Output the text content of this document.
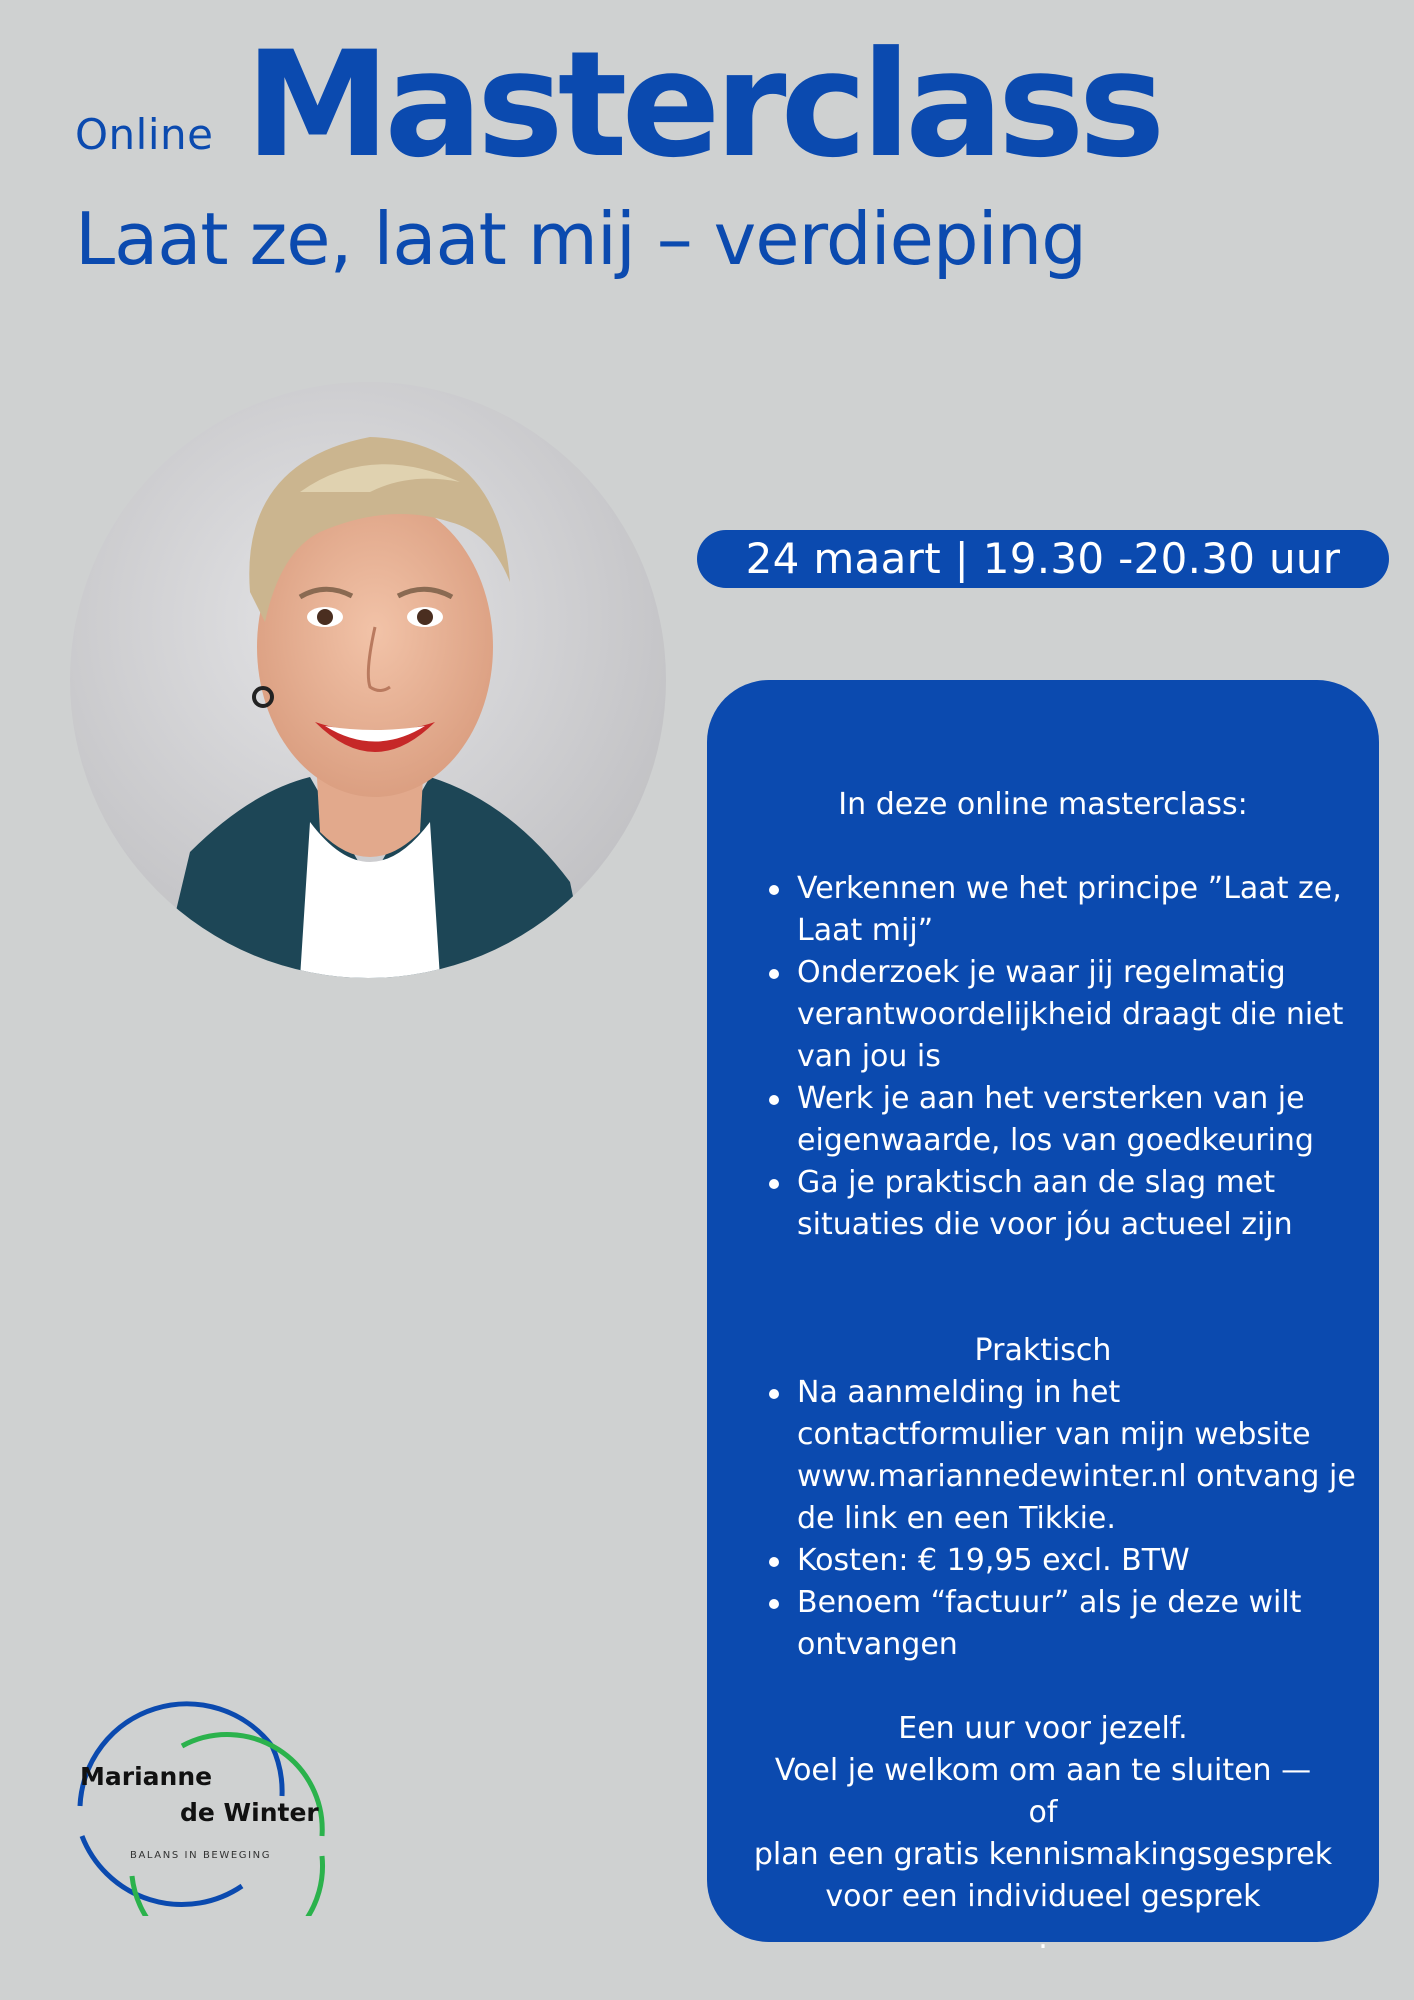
Online Masterclass
Laat ze, laat mij – verdieping
24 maart | 19.30 -20.30 uur
In deze online masterclass:
Verkennen we het principe ”Laat ze, Laat mij”
Onderzoek je waar jij regelmatig verantwoordelijkheid draagt die niet van jou is
Werk je aan het versterken van je eigenwaarde, los van goedkeuring
Ga je praktisch aan de slag met situaties die voor jóu actueel zijn
Praktisch
Na aanmelding in het contactformulier van mijn website www.mariannedewinter.nl ontvang je de link en een Tikkie.
Kosten: € 19,95 excl. BTW
Benoem “factuur” als je deze wilt ontvangen
Een uur voor jezelf.
Voel je welkom om aan te sluiten —
of
plan een gratis kennismakingsgesprek
voor een individueel gesprek
.
Marianne
de Winter
BALANS IN BEWEGING
